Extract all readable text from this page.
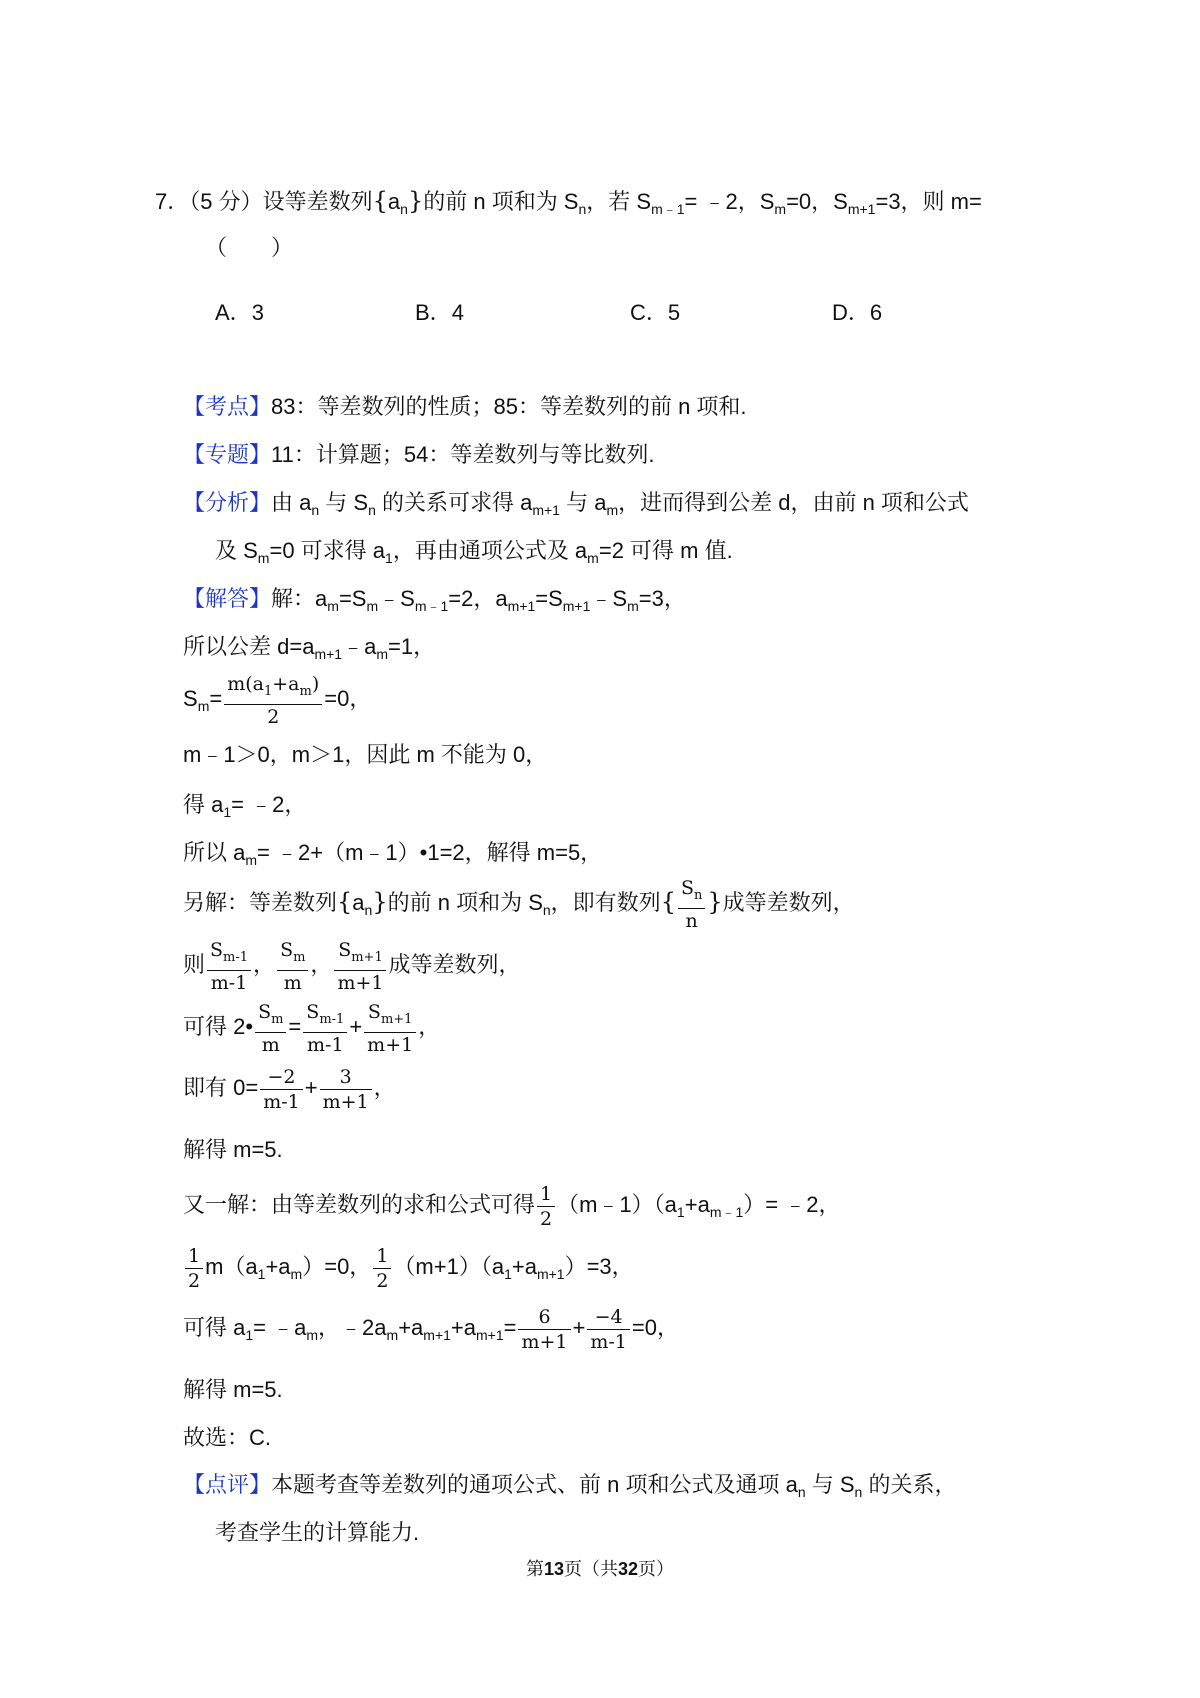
7．（5 分）设等差数列$\{a_n\}$的前 n 项和为 $S_n$，若 $S_{m﹣1}=$ ﹣2，$S_m=0$，$S_{m+1}=3$，则 m=
（　　）
A．3	B．4	C．5	D．6
【考点】83：等差数列的性质；85：等差数列的前 n 项和.
【专题】11：计算题；54：等差数列与等比数列.
【分析】由 $a_n$ 与 $S_n$ 的关系可求得 $a_{m+1}$ 与 $a_m$，进而得到公差 d，由前 n 项和公式
及 $S_m=0$ 可求得 $a_1$，再由通项公式及 $a_m=2$ 可得 m 值.
【解答】解：$a_m=S_m﹣S_{m﹣1}=2$，$a_{m+1}=S_{m+1}﹣S_m=3$，
所以公差 $d=a_{m+1}﹣a_m=1$，
$S_m= \frac{m(a_1+a_m)}{2} =0$，
m﹣1＞0，m＞1，因此 m 不能为 0，
得 $a_1=$ ﹣2，
所以 $a_m=$ ﹣2+（m﹣1）•1=2，解得 m=5，
另解：等差数列$\{a_n\}$的前 n 项和为 $S_n$，即有数列{ $\frac{S_n}{n}$ }成等差数列，
则 $\frac{S_{m-1}}{m-1}$ ， $\frac{S_m}{m}$ ， $\frac{S_{m+1}}{m+1}$ 成等差数列，
可得 2• $\frac{S_m}{m} = \frac{S_{m-1}}{m-1} + \frac{S_{m+1}}{m+1}$ ，
即有 $0= \frac{-2}{m-1} + \frac{3}{m+1}$ ，
解得 m=5.
又一解：由等差数列的求和公式可得 $\frac{1}{2}$ $(m﹣1)(a_1+a_{m﹣1})=$ ﹣2，
$\frac{1}{2} m(a_1+a_m)=0$， $\frac{1}{2} (m+1)(a_1+a_{m+1})=3$，
可得 $a_1=$ $﹣a_m$，$﹣2a_m+a_{m+1}+a_{m+1}= \frac{6}{m+1} + \frac{-4}{m-1} =0$，
解得 m=5.
故选：C.
【点评】本题考查等差数列的通项公式、前 n 项和公式及通项 $a_n$ 与 $S_n$ 的关系，
考查学生的计算能力.
第13页（共32页）
